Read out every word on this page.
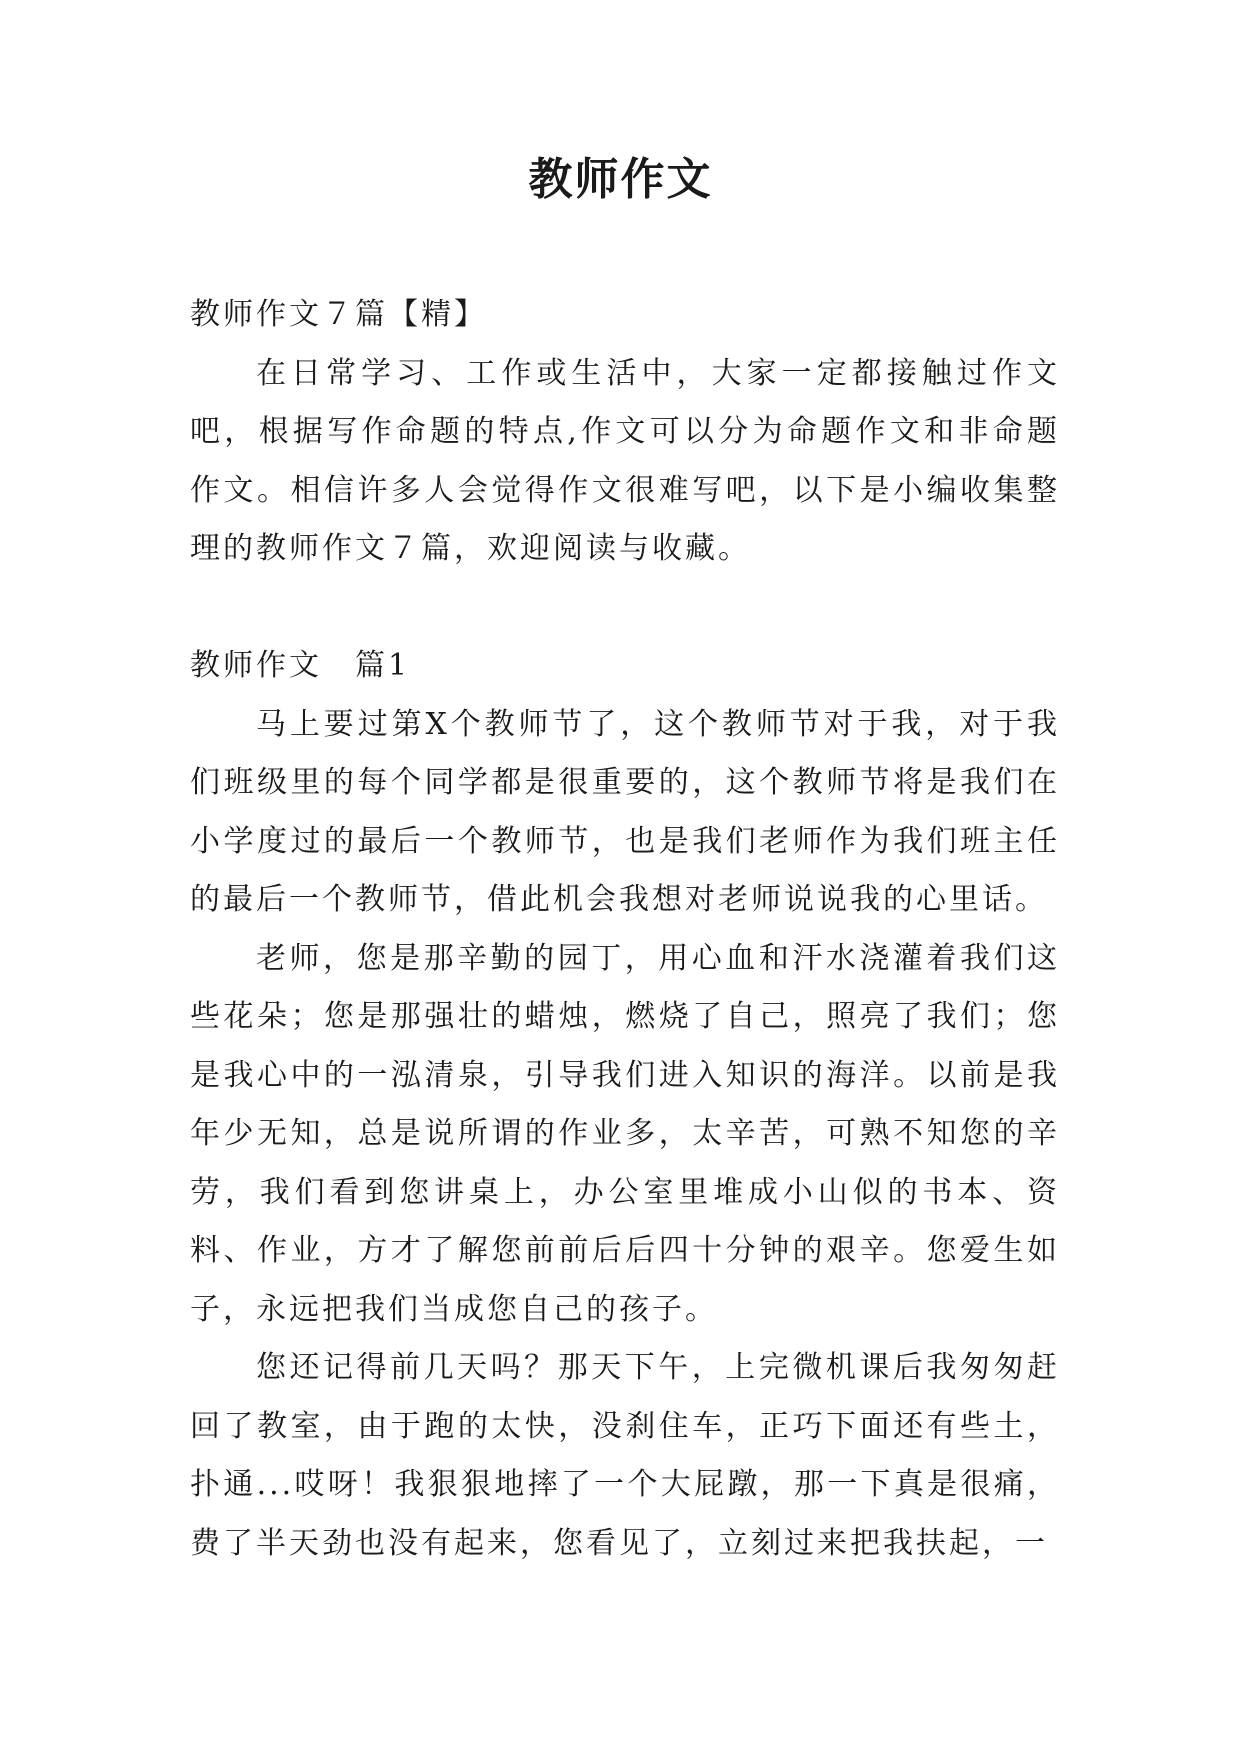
教师作文

教师作文７篇【精】

在日常学习、工作或生活中，大家一定都接触过作文吧，根据写作命题的特点,作文可以分为命题作文和非命题作文。相信许多人会觉得作文很难写吧，以下是小编收集整理的教师作文７篇，欢迎阅读与收藏。

教师作文　篇1

马上要过第X个教师节了，这个教师节对于我，对于我们班级里的每个同学都是很重要的，这个教师节将是我们在小学度过的最后一个教师节，也是我们老师作为我们班主任的最后一个教师节，借此机会我想对老师说说我的心里话。

老师，您是那辛勤的园丁，用心血和汗水浇灌着我们这些花朵；您是那强壮的蜡烛，燃烧了自己，照亮了我们；您是我心中的一泓清泉，引导我们进入知识的海洋。以前是我年少无知，总是说所谓的作业多，太辛苦，可熟不知您的辛劳，我们看到您讲桌上，办公室里堆成小山似的书本、资料、作业，方才了解您前前后后四十分钟的艰辛。您爱生如子，永远把我们当成您自己的孩子。

您还记得前几天吗？那天下午，上完微机课后我匆匆赶回了教室，由于跑的太快，没刹住车，正巧下面还有些土，扑通...哎呀！我狠狠地摔了一个大屁蹾，那一下真是很痛，费了半天劲也没有起来，您看见了，立刻过来把我扶起，一
